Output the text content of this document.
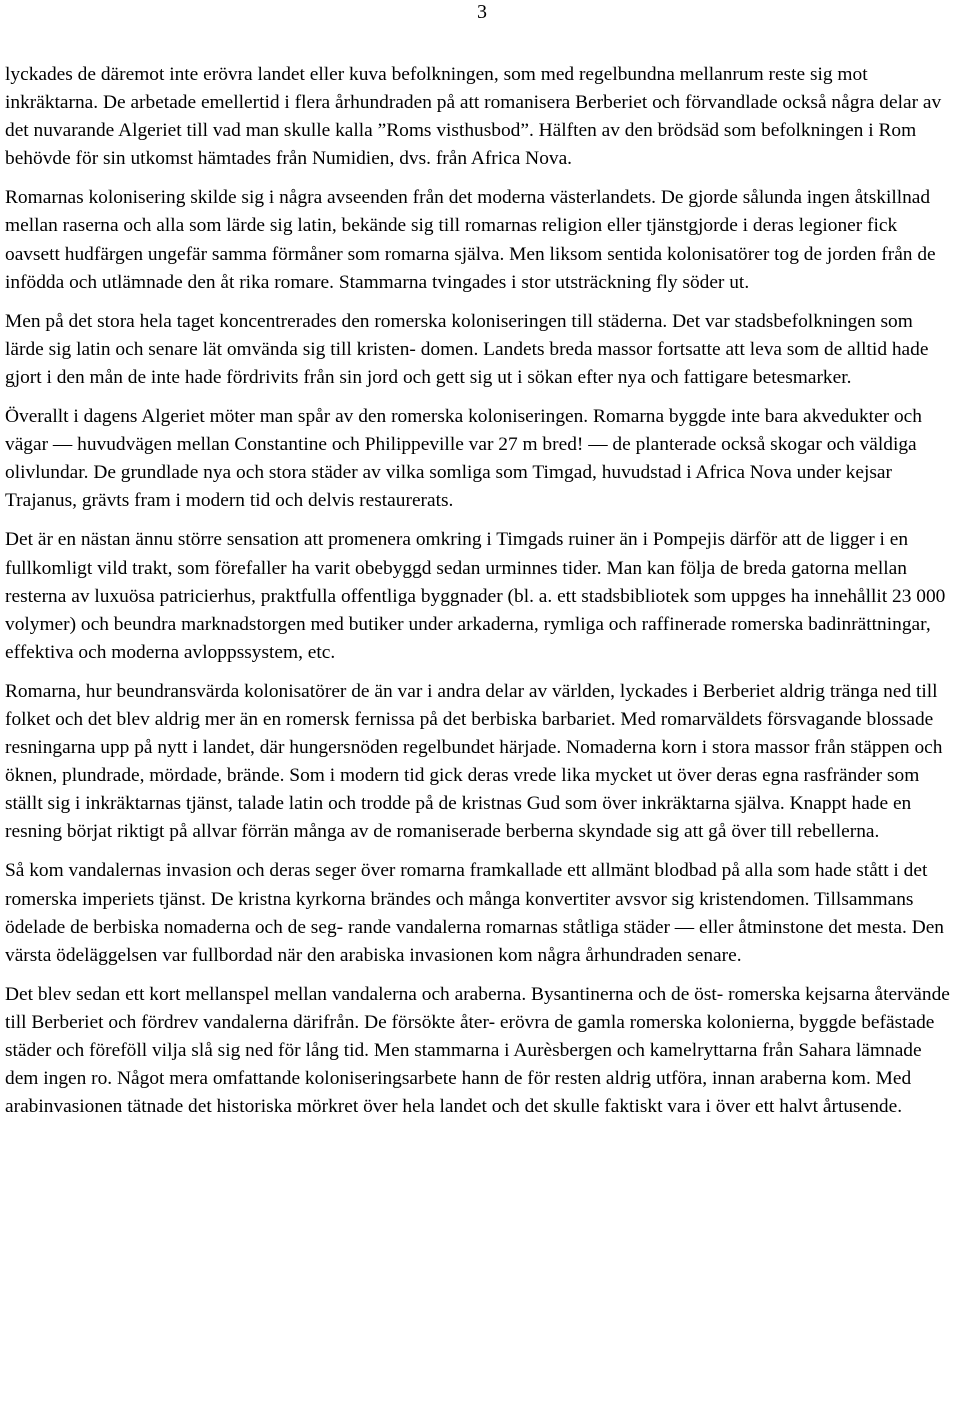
3

lyckades de däremot inte erövra landet eller kuva befolkningen, som med regelbundna mellanrum reste sig mot inkräktarna. De arbetade emellertid i flera århundraden på att romanisera Berberiet och förvandlade också några delar av det nuvarande Algeriet till vad man skulle kalla ”Roms visthusbod”. Hälften av den brödsäd som befolkningen i Rom behövde för sin utkomst hämtades från Numidien, dvs. från Africa Nova.

Romarnas kolonisering skilde sig i några avseenden från det moderna västerlandets. De gjorde sålunda ingen åtskillnad mellan raserna och alla som lärde sig latin, bekände sig till romarnas religion eller tjänstgjorde i deras legioner fick oavsett hudfärgen ungefär samma förmåner som romarna själva. Men liksom sentida kolonisatörer tog de jorden från de infödda och utlämnade den åt rika romare. Stammarna tvingades i stor utsträckning fly söder ut.

Men på det stora hela taget koncentrerades den romerska koloniseringen till städerna. Det var stadsbefolkningen som lärde sig latin och senare lät omvända sig till kristen- domen. Landets breda massor fortsatte att leva som de alltid hade gjort i den mån de inte hade fördrivits från sin jord och gett sig ut i sökan efter nya och fattigare betesmarker.

Överallt i dagens Algeriet möter man spår av den romerska koloniseringen. Romarna byggde inte bara akvedukter och vägar — huvudvägen mellan Constantine och Philippeville var 27 m bred! — de planterade också skogar och väldiga olivlundar. De grundlade nya och stora städer av vilka somliga som Timgad, huvudstad i Africa Nova under kejsar Trajanus, grävts fram i modern tid och delvis restaurerats.

Det är en nästan ännu större sensation att promenera omkring i Timgads ruiner än i Pompejis därför att de ligger i en fullkomligt vild trakt, som förefaller ha varit obebyggd sedan urminnes tider. Man kan följa de breda gatorna mellan resterna av luxuösa patricierhus, praktfulla offentliga byggnader (bl. a. ett stadsbibliotek som uppges ha innehållit 23 000 volymer) och beundra marknadstorgen med butiker under arkaderna, rymliga och raffinerade romerska badinrättningar, effektiva och moderna avloppssystem, etc.

Romarna, hur beundransvärda kolonisatörer de än var i andra delar av världen, lyckades i Berberiet aldrig tränga ned till folket och det blev aldrig mer än en romersk fernissa på det berbiska barbariet. Med romarväldets försvagande blossade resningarna upp på nytt i landet, där hungersnöden regelbundet härjade. Nomaderna korn i stora massor från stäppen och öknen, plundrade, mördade, brände. Som i modern tid gick deras vrede lika mycket ut över deras egna rasfränder som ställt sig i inkräktarnas tjänst, talade latin och trodde på de kristnas Gud som över inkräktarna själva. Knappt hade en resning börjat riktigt på allvar förrän många av de romaniserade berberna skyndade sig att gå över till rebellerna.

Så kom vandalernas invasion och deras seger över romarna framkallade ett allmänt blodbad på alla som hade stått i det romerska imperiets tjänst. De kristna kyrkorna brändes och många konvertiter avsvor sig kristendomen. Tillsammans ödelade de berbiska nomaderna och de seg- rande vandalerna romarnas ståtliga städer — eller åtminstone det mesta. Den värsta ödeläggelsen var fullbordad när den arabiska invasionen kom några århundraden senare.

Det blev sedan ett kort mellanspel mellan vandalerna och araberna. Bysantinerna och de öst- romerska kejsarna återvände till Berberiet och fördrev vandalerna därifrån. De försökte åter- erövra de gamla romerska kolonierna, byggde befästade städer och föreföll vilja slå sig ned för lång tid. Men stammarna i Aurèsbergen och kamelryttarna från Sahara lämnade dem ingen ro. Något mera omfattande koloniseringsarbete hann de för resten aldrig utföra, innan araberna kom. Med arabinvasionen tätnade det historiska mörkret över hela landet och det skulle faktiskt vara i över ett halvt årtusende.
